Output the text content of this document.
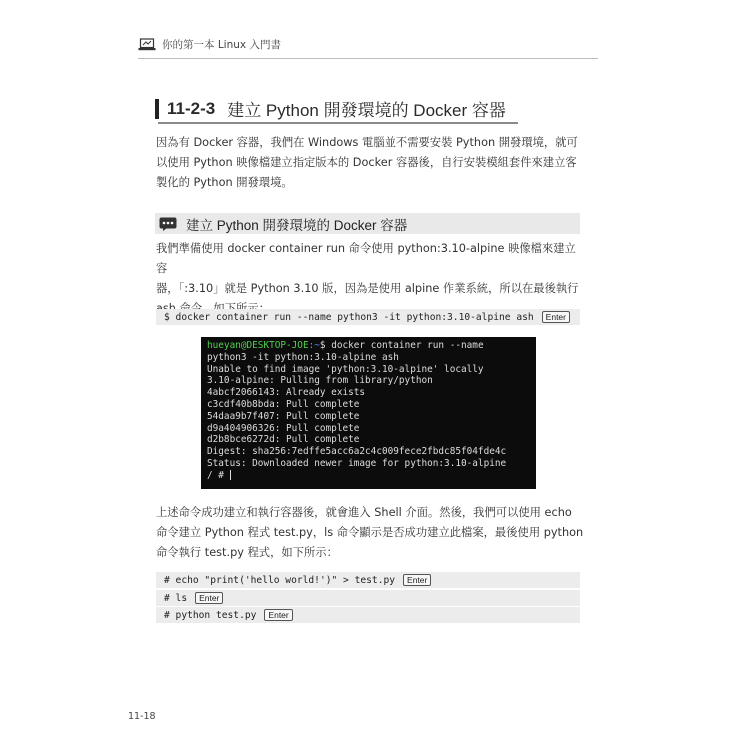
你的第一本 Linux 入門書
11-2-3 建立 Python 開發環境的 Docker 容器

因為有 Docker 容器，我們在 Windows 電腦並不需要安裝 Python 開發環境，就可

以使用 Python 映像檔建立指定版本的 Docker 容器後，自行安裝模組套件來建立客

製化的 Python 開發環境。

建立 Python 開發環境的 Docker 容器

我們準備使用 docker container run 命令使用 python:3.10-alpine 映像檔來建立容

器，「:3.10」就是 Python 3.10 版，因為是使用 alpine 作業系統，所以在最後執行

$ docker container run --name python3 -it python:3.10-alpine ash	Enter
hueyan@DESKTOP-JOE:~$ docker container run --name
python3 -it python:3.10-alpine ash
Unable to find image 'python:3.10-alpine' locally
3.10-alpine: Pulling from library/python
4abcf2066143: Already exists
c3cdf40b8bda: Pull complete
54daa9b7f407: Pull complete
d9a404906326: Pull complete
d2b8bce6272d: Pull complete
Digest: sha256:7edffe5acc6a2c4c009fece2fbdc85f04fde4c
Status: Downloaded newer image for python:3.10-alpine
/ #

上述命令成功建立和執行容器後，就會進入 Shell 介面。然後，我們可以使用 echo

命令建立 Python 程式 test.py，ls 命令顯示是否成功建立此檔案，最後使用 python

命令執行 test.py 程式，如下所示：

# echo "print('hello world!')" > test.py	Enter
# ls	Enter
# python test.py	Enter
11-18
